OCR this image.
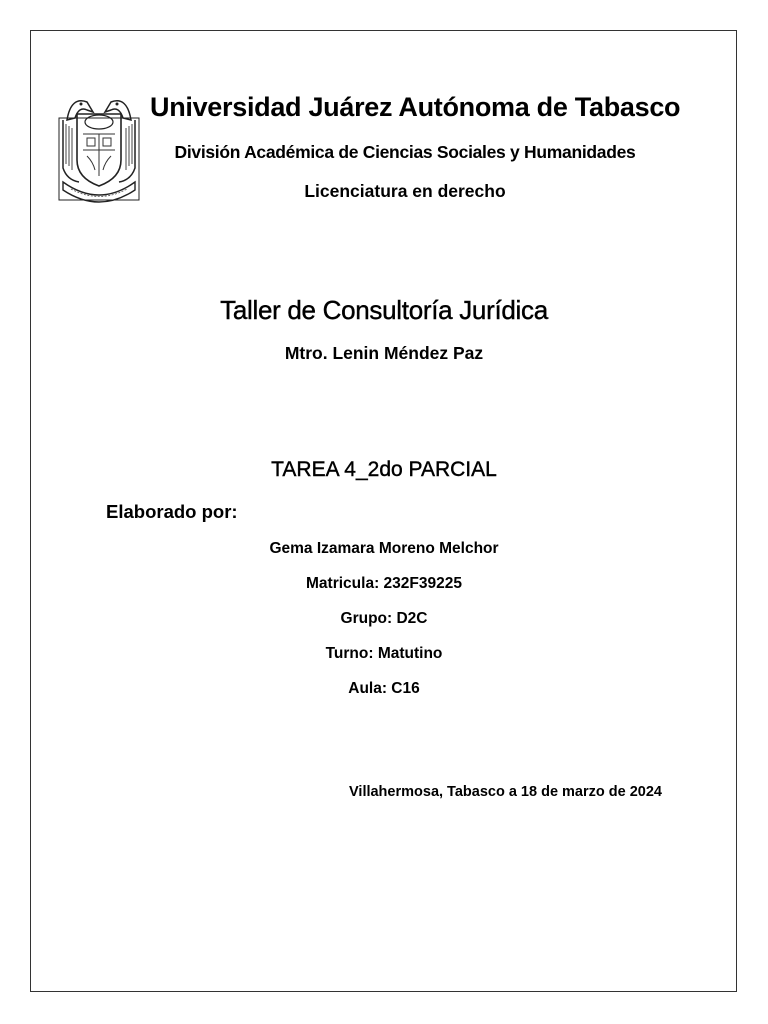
Universidad Juárez Autónoma de Tabasco
División Académica de Ciencias Sociales y Humanidades
Licenciatura en derecho
Taller de Consultoría Jurídica
Mtro. Lenin Méndez Paz
TAREA 4_2do PARCIAL
Elaborado por:
Gema Izamara Moreno Melchor
Matricula: 232F39225
Grupo: D2C
Turno: Matutino
Aula: C16
Villahermosa, Tabasco a 18 de marzo de 2024
